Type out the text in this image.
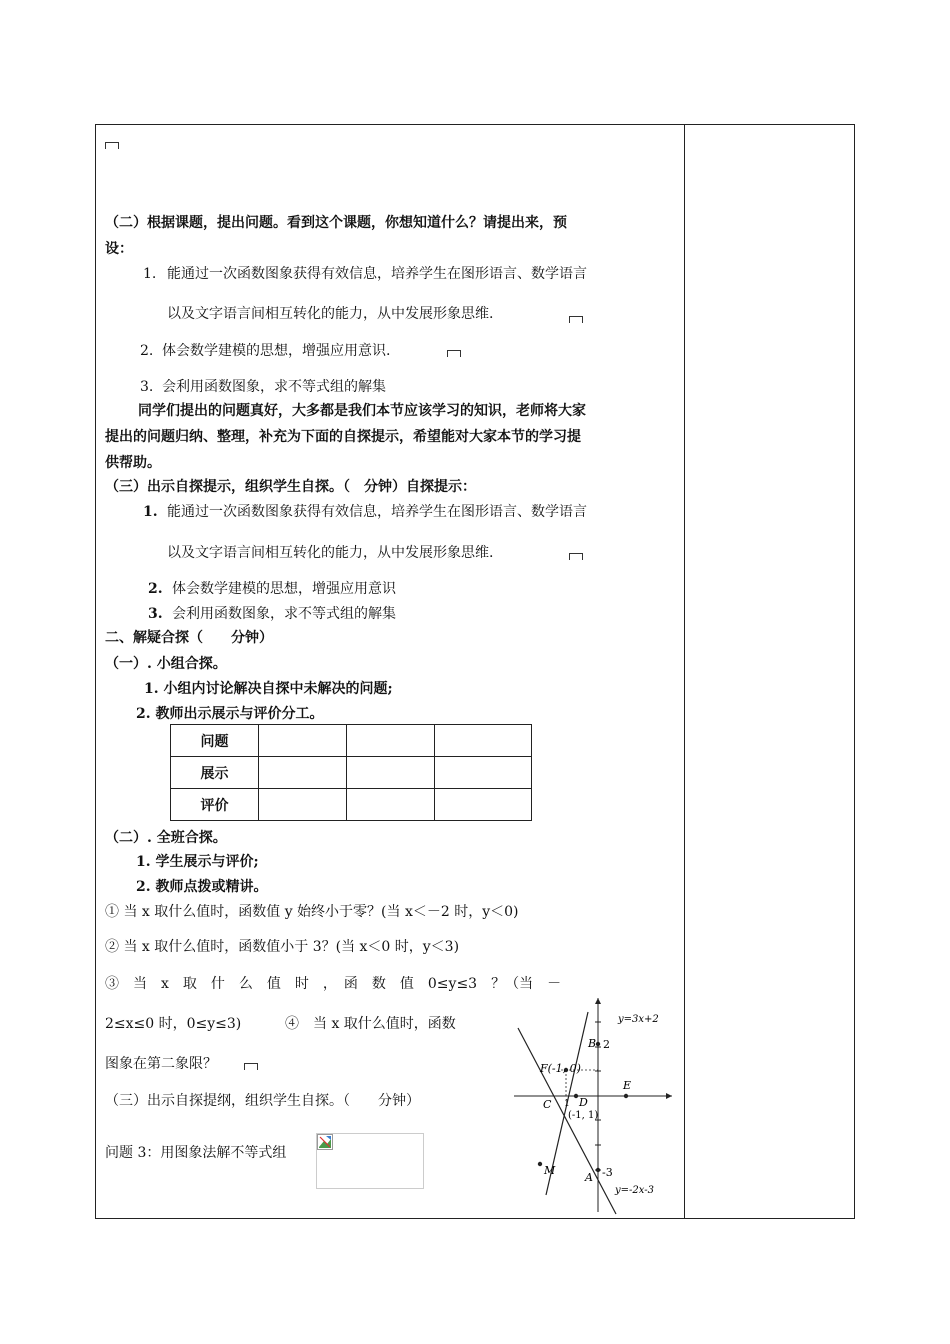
（二）根据课题，提出问题。看到这个课题，你想知道什么？请提出来，预
设：
1. 能通过一次函数图象获得有效信息，培养学生在图形语言、数学语言
以及文字语言间相互转化的能力，从中发展形象思维.
2. 体会数学建模的思想，增强应用意识.
3. 会利用函数图象，求不等式组的解集
同学们提出的问题真好，大多都是我们本节应该学习的知识，老师将大家
提出的问题归纳、整理，补充为下面的自探提示，希望能对大家本节的学习提
供帮助。
（三）出示自探提示，组织学生自探。（　分钟）自探提示：
1. 能通过一次函数图象获得有效信息，培养学生在图形语言、数学语言
以及文字语言间相互转化的能力，从中发展形象思维.
2. 体会数学建模的思想，增强应用意识
3. 会利用函数图象，求不等式组的解集
二、解疑合探（　　分钟）
（一）. 小组合探。
1. 小组内讨论解决自探中未解决的问题;
2. 教师出示展示与评价分工。
问题			
展示			
评价			
（二）. 全班合探。
1. 学生展示与评价;
2. 教师点拨或精讲。
① 当 x 取什么值时，函数值 y 始终小于零？(当 x＜－2 时，y＜0)
② 当 x 取什么值时，函数值小于 3？(当 x＜0 时，y＜3)
③　当　x　取　什　么　值　时　，　函　数　值　0≤y≤3　？（当　－
2≤x≤0 时，0≤y≤3)	④　当 x 取什么值时，函数
图象在第二象限？
（三）出示自探提纲，组织学生自探。（　　分钟）
问题 3：用图象法解不等式组
y=3x+2
y=-2x-3
B 2
F(-1, 0)
E
C	D
1
(-1, 1)
M
A -3
